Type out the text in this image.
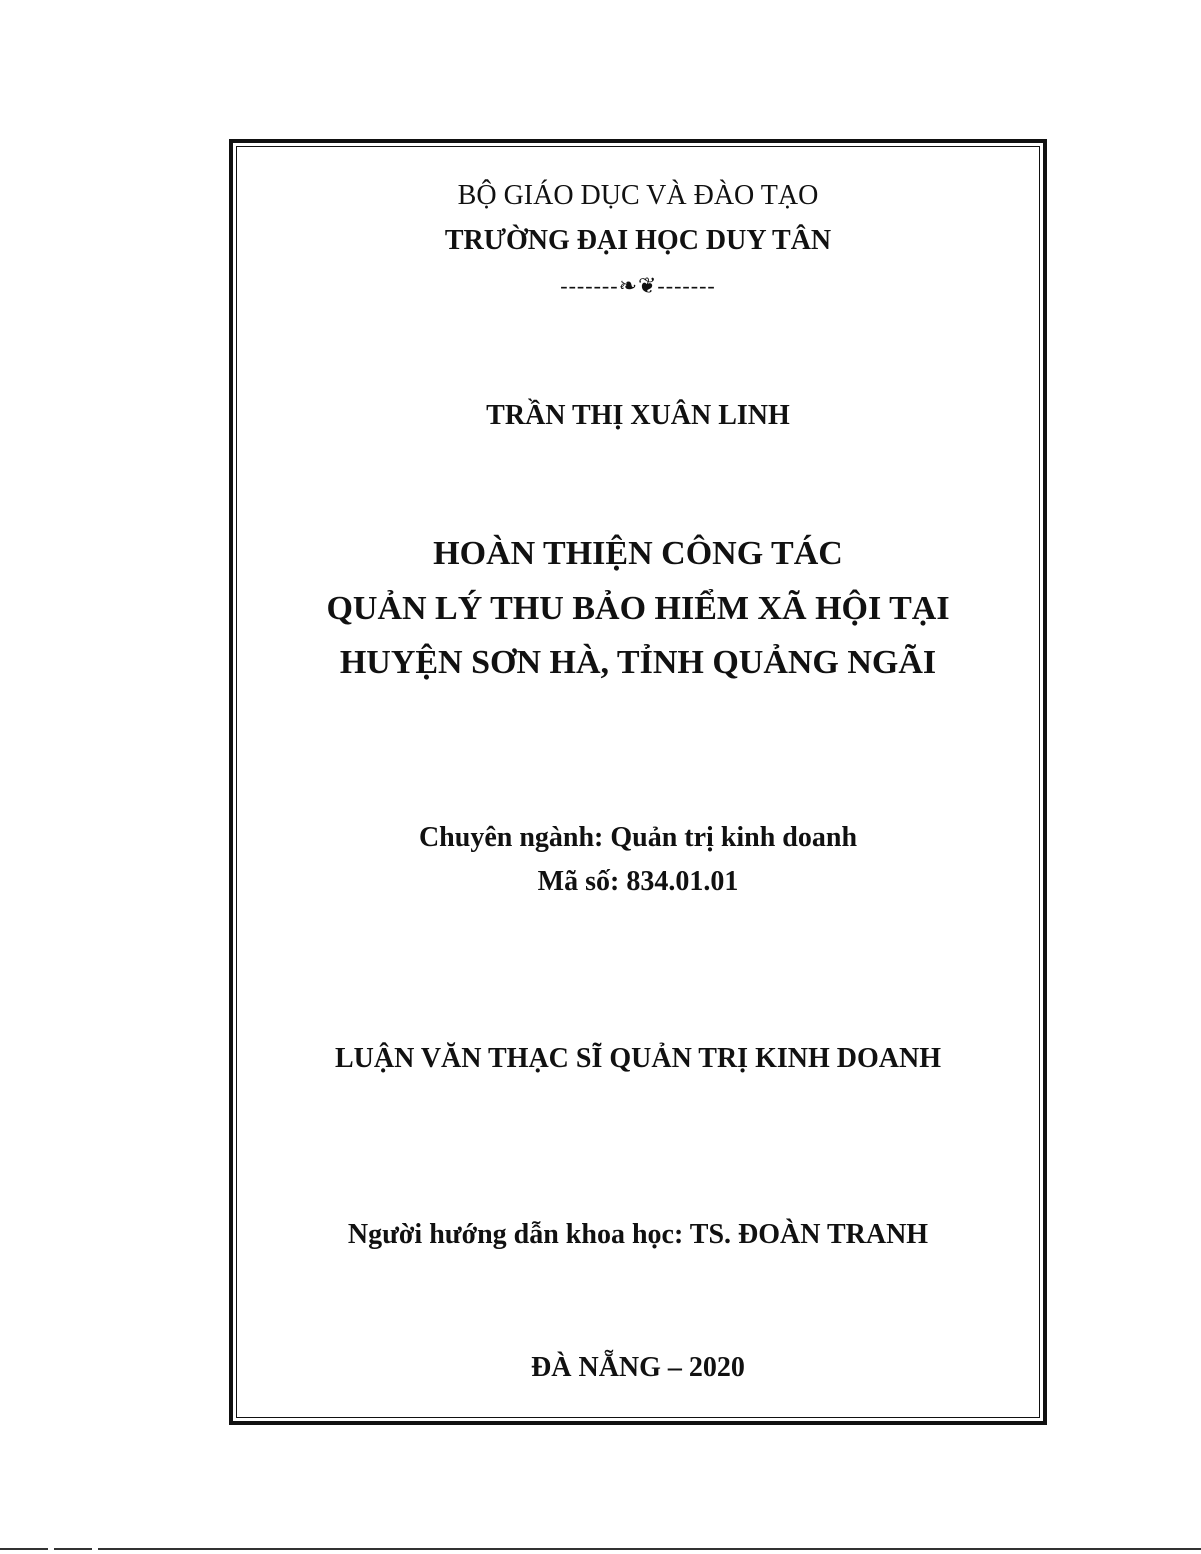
BỘ GIÁO DỤC VÀ ĐÀO TẠO
TRƯỜNG ĐẠI HỌC DUY TÂN
-------❧❦-------
TRẦN THỊ XUÂN LINH
HOÀN THIỆN CÔNG TÁC
QUẢN LÝ THU BẢO HIỂM XÃ HỘI TẠI
HUYỆN SƠN HÀ, TỈNH QUẢNG NGÃI
Chuyên ngành: Quản trị kinh doanh
Mã số: 834.01.01
LUẬN VĂN THẠC SĨ QUẢN TRỊ KINH DOANH
Người hướng dẫn khoa học: TS. ĐOÀN TRANH
ĐÀ NẴNG – 2020
